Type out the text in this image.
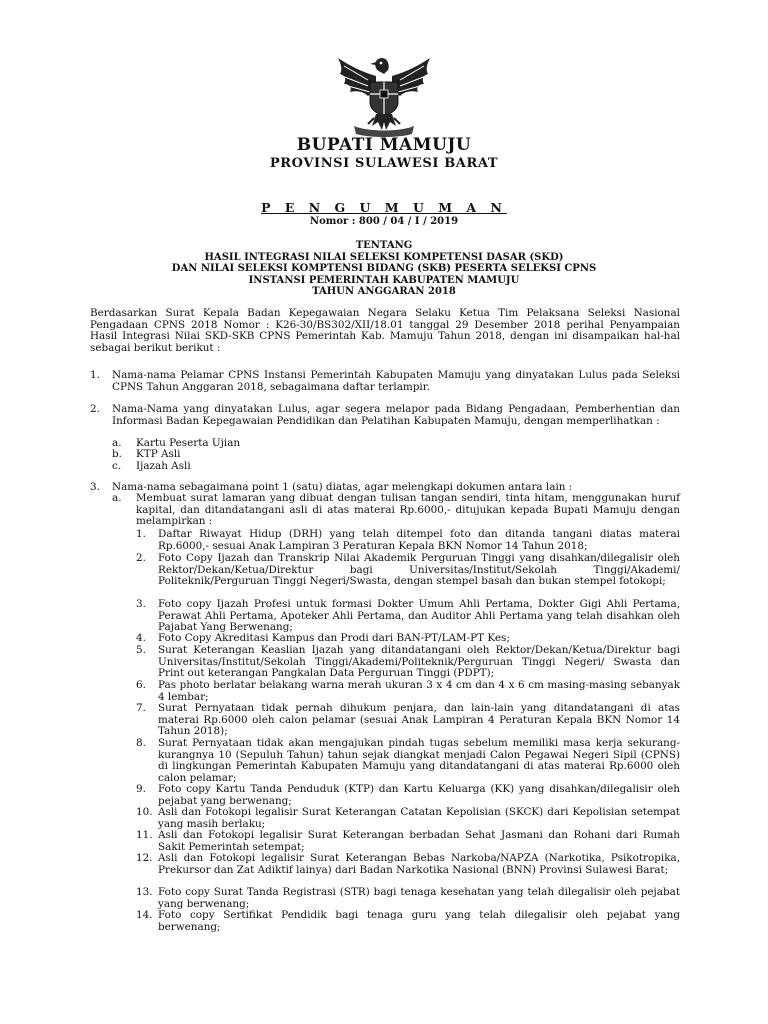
BUPATI MAMUJU
PROVINSI SULAWESI BARAT
P E N G U M U M A N
Nomor : 800 / 04 / I / 2019
TENTANG
HASIL INTEGRASI NILAI SELEKSI KOMPETENSI DASAR (SKD)
DAN NILAI SELEKSI KOMPTENSI BIDANG (SKB) PESERTA SELEKSI CPNS
INSTANSI PEMERINTAH KABUPATEN MAMUJU
TAHUN ANGGARAN 2018
Berdasarkan Surat Kepala Badan Kepegawaian Negara Selaku Ketua Tim Pelaksana Seleksi Nasional Pengadaan CPNS 2018 Nomor : K26-30/BS302/XII/18.01 tanggal 29 Desember 2018 perihal Penyampaian Hasil Integrasi Nilai SKD-SKB CPNS Pemerintah Kab. Mamuju Tahun 2018, dengan ini disampaikan hal-hal sebagai berikut berikut :
1. Nama-nama Pelamar CPNS Instansi Pemerintah Kabupaten Mamuju yang dinyatakan Lulus pada Seleksi CPNS Tahun Anggaran 2018, sebagaimana daftar terlampir.
2. Nama-Nama yang dinyatakan Lulus, agar segera melapor pada Bidang Pengadaan, Pemberhentian dan Informasi Badan Kepegawaian Pendidikan dan Pelatihan Kabupaten Mamuju, dengan memperlihatkan :
a. Kartu Peserta Ujian
b. KTP Asli
c. Ijazah Asli
3. Nama-nama sebagaimana point 1 (satu) diatas, agar melengkapi dokumen antara lain :
a. Membuat surat lamaran yang dibuat dengan tulisan tangan sendiri, tinta hitam, menggunakan huruf kapital, dan ditandatangani asli di atas materai Rp.6000,- ditujukan kepada Bupati Mamuju dengan melampirkan :
1. Daftar Riwayat Hidup (DRH) yang telah ditempel foto dan ditanda tangani diatas materai Rp.6000,- sesuai Anak Lampiran 3 Peraturan Kepala BKN Nomor 14 Tahun 2018;
2. Foto Copy Ijazah dan Transkrip Nilai Akademik Perguruan Tinggi yang disahkan/dilegalisir oleh Rektor/Dekan/Ketua/Direktur bagi Universitas/Institut/Sekolah Tinggi/Akademi/ Politeknik/Perguruan Tinggi Negeri/Swasta, dengan stempel basah dan bukan stempel fotokopi;
3. Foto copy Ijazah Profesi untuk formasi Dokter Umum Ahli Pertama, Dokter Gigi Ahli Pertama, Perawat Ahli Pertama, Apoteker Ahli Pertama, dan Auditor Ahli Pertama yang telah disahkan oleh Pajabat Yang Berwenang;
4. Foto Copy Akreditasi Kampus dan Prodi dari BAN-PT/LAM-PT Kes;
5. Surat Keterangan Keaslian Ijazah yang ditandatangani oleh Rektor/Dekan/Ketua/Direktur bagi Universitas/Institut/Sekolah Tinggi/Akademi/Politeknik/Perguruan Tinggi Negeri/ Swasta dan Print out keterangan Pangkalan Data Perguruan Tinggi (PDPT);
6. Pas photo berlatar belakang warna merah ukuran 3 x 4 cm dan 4 x 6 cm masing-masing sebanyak 4 lembar;
7. Surat Pernyataan tidak pernah dihukum penjara, dan lain-lain yang ditandatangani di atas materai Rp.6000 oleh calon pelamar (sesuai Anak Lampiran 4 Peraturan Kepala BKN Nomor 14 Tahun 2018);
8. Surat Pernyataan tidak akan mengajukan pindah tugas sebelum memiliki masa kerja sekurang-kurangnya 10 (Sepuluh Tahun) tahun sejak diangkat menjadi Calon Pegawai Negeri Sipil (CPNS) di lingkungan Pemerintah Kabupaten Mamuju yang ditandatangani di atas materai Rp.6000 oleh calon pelamar;
9. Foto copy Kartu Tanda Penduduk (KTP) dan Kartu Keluarga (KK) yang disahkan/dilegalisir oleh pejabat yang berwenang;
10. Asli dan Fotokopi legalisir Surat Keterangan Catatan Kepolisian (SKCK) dari Kepolisian setempat yang masih berlaku;
11. Asli dan Fotokopi legalisir Surat Keterangan berbadan Sehat Jasmani dan Rohani dari Rumah Sakit Pemerintah setempat;
12. Asli dan Fotokopi legalisir Surat Keterangan Bebas Narkoba/NAPZA (Narkotika, Psikotropika, Prekursor dan Zat Adiktif lainya) dari Badan Narkotika Nasional (BNN) Provinsi Sulawesi Barat;
13. Foto copy Surat Tanda Registrasi (STR) bagi tenaga kesehatan yang telah dilegalisir oleh pejabat yang berwenang;
14. Foto copy Sertifikat Pendidik bagi tenaga guru yang telah dilegalisir oleh pejabat yang berwenang;
